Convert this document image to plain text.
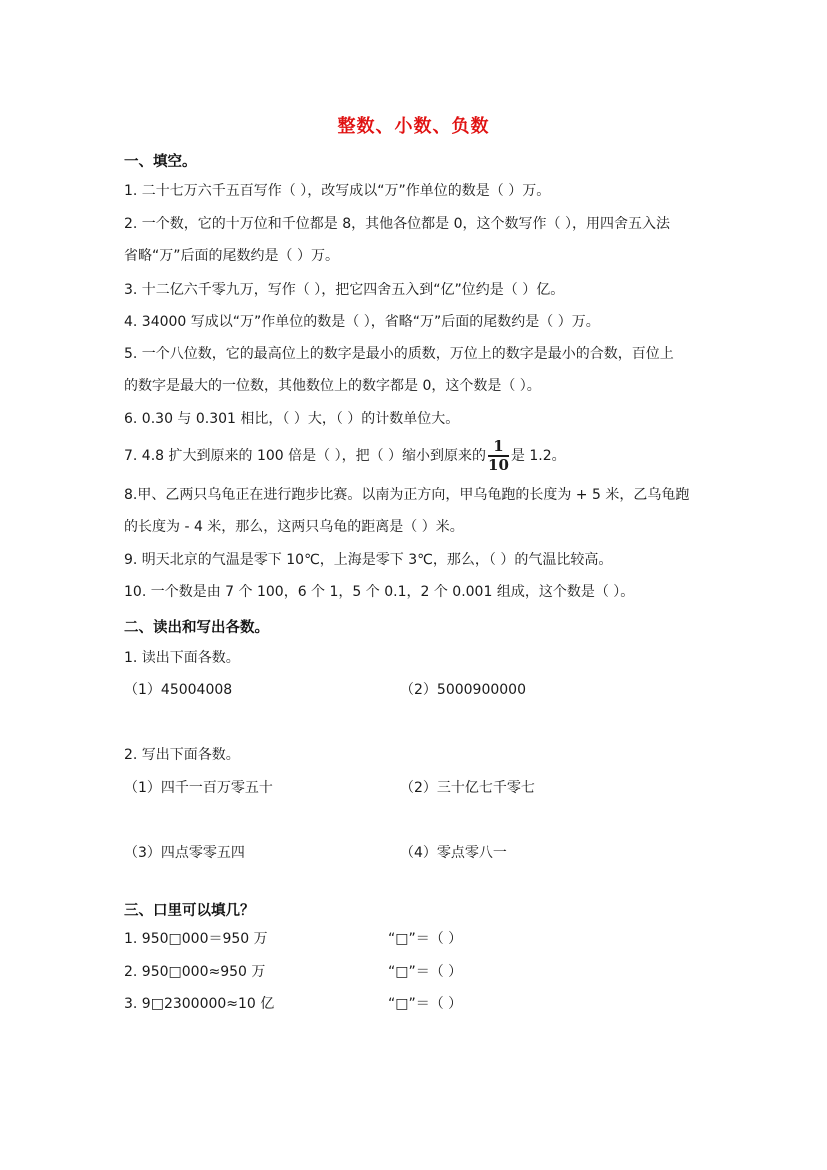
整数、小数、负数
一、填空。
1. 二十七万六千五百写作（ ），改写成以“万”作单位的数是（ ）万。
2. 一个数，它的十万位和千位都是 8，其他各位都是 0，这个数写作（ ），用四舍五入法
省略“万”后面的尾数约是（ ）万。
3. 十二亿六千零九万，写作（ ），把它四舍五入到“亿”位约是（ ）亿。
4. 34000 写成以“万”作单位的数是（ ），省略“万”后面的尾数约是（ ）万。
5. 一个八位数，它的最高位上的数字是最小的质数，万位上的数字是最小的合数，百位上
的数字是最大的一位数，其他数位上的数字都是 0，这个数是（ ）。
6. 0.30 与 0.301 相比，（ ）大，（ ）的计数单位大。
7. 4.8 扩大到原来的 100 倍是（ ），把（ ）缩小到原来的 $\frac{1}{10}$ 是 1.2。
8.甲、乙两只乌龟正在进行跑步比赛。以南为正方向，甲乌龟跑的长度为 + 5 米，乙乌龟跑
的长度为 - 4 米，那么，这两只乌龟的距离是（ ）米。
9. 明天北京的气温是零下 10℃，上海是零下 3℃，那么，（ ）的气温比较高。
10. 一个数是由 7 个 100，6 个 1，5 个 0.1，2 个 0.001 组成，这个数是（ ）。
二、读出和写出各数。
1. 读出下面各数。
（1）45004008	（2）5000900000
2. 写出下面各数。
（1）四千一百万零五十	（2）三十亿七千零七
（3）四点零零五四	（4）零点零八一
三、口里可以填几？
1. 950□000＝950 万	“□”＝（ ）
2. 950□000≈950 万	“□”＝（ ）
3. 9□2300000≈10 亿	“□”＝（ ）
